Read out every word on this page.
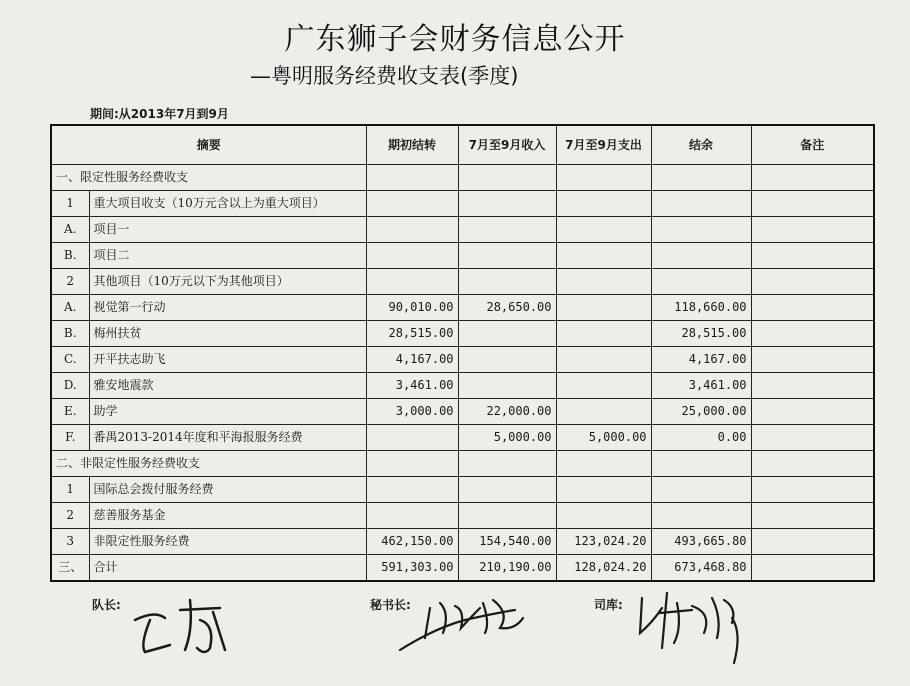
广东狮子会财务信息公开
—粤明服务经费收支表(季度)
期间:从2013年7月到9月
摘要		期初结转	7月至9月收入	7月至9月支出	结余	备注
一、限定性服务经费收支						
1	重大项目收支（10万元含以上为重大项目）					
A.	项目一					
B.	项目二					
2	其他项目（10万元以下为其他项目）					
A.	视觉第一行动	90,010.00	28,650.00		118,660.00	
B.	梅州扶贫	28,515.00			28,515.00	
C.	开平扶志助飞	4,167.00			4,167.00	
D.	雅安地震款	3,461.00			3,461.00	
E.	助学	3,000.00	22,000.00		25,000.00	
F.	番禺2013-2014年度和平海报服务经费		5,000.00	5,000.00	0.00	
二、非限定性服务经费收支						
1	国际总会拨付服务经费					
2	慈善服务基金					
3	非限定性服务经费	462,150.00	154,540.00	123,024.20	493,665.80	
三、	合计	591,303.00	210,190.00	128,024.20	673,468.80	
队长:	秘书长:	司库:
